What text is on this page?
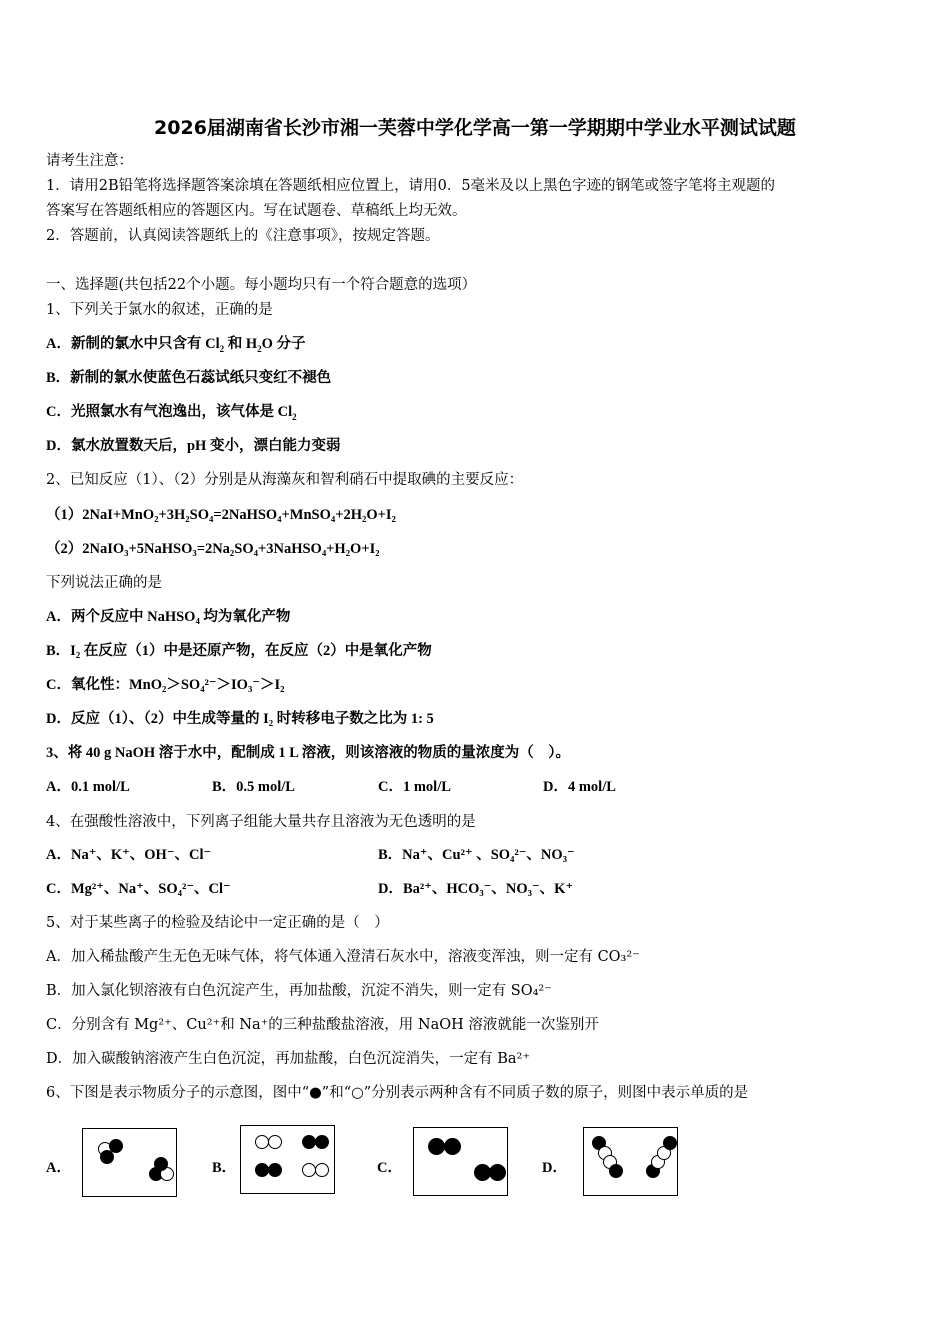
2026届湖南省长沙市湘一芙蓉中学化学高一第一学期期中学业水平测试试题
请考生注意：
1．请用2B铅笔将选择题答案涂填在答题纸相应位置上，请用0．5毫米及以上黑色字迹的钢笔或签字笔将主观题的
答案写在答题纸相应的答题区内。写在试题卷、草稿纸上均无效。
2．答题前，认真阅读答题纸上的《注意事项》，按规定答题。
一、选择题(共包括22个小题。每小题均只有一个符合题意的选项）
1、下列关于氯水的叙述，正确的是
A．新制的氯水中只含有 $Cl_2$ 和 $H_2O$ 分子
B．新制的氯水使蓝色石蕊试纸只变红不褪色
C．光照氯水有气泡逸出，该气体是 $Cl_2$
D．氯水放置数天后，pH 变小，漂白能力变弱
2、已知反应（1）、（2）分别是从海藻灰和智利硝石中提取碘的主要反应：
（1）2NaI+MnO₂+3H₂SO₄=2NaHSO₄+MnSO₄+2H₂O+I₂
（2）2NaIO₃+5NaHSO₃=2Na₂SO₄+3NaHSO₄+H₂O+I₂
下列说法正确的是
A．两个反应中 NaHSO₄ 均为氧化产物
B．I₂ 在反应（1）中是还原产物，在反应（2）中是氧化产物
C．氧化性：MnO₂＞SO₄²⁻＞IO₃⁻＞I₂
D．反应（1）、（2）中生成等量的 I₂ 时转移电子数之比为 1: 5
3、将 40 g NaOH 溶于水中，配制成 1 L 溶液，则该溶液的物质的量浓度为（　）。
A．0.1 mol/L	B．0.5 mol/L	C．1 mol/L	D．4 mol/L
4、在强酸性溶液中，下列离子组能大量共存且溶液为无色透明的是
A．Na⁺、K⁺、OH⁻、Cl⁻	B．Na⁺、Cu²⁺ 、SO₄²⁻、NO₃⁻
C．Mg²⁺、Na⁺、SO₄²⁻、Cl⁻	D．Ba²⁺、HCO₃⁻、NO₃⁻、K⁺
5、对于某些离子的检验及结论中一定正确的是（　）
A．加入稀盐酸产生无色无味气体，将气体通入澄清石灰水中，溶液变浑浊，则一定有 CO₃²⁻
B．加入氯化钡溶液有白色沉淀产生，再加盐酸，沉淀不消失，则一定有 SO₄²⁻
C．分别含有 Mg²⁺、Cu²⁺和 Na⁺的三种盐酸盐溶液，用 NaOH 溶液就能一次鉴别开
D．加入碳酸钠溶液产生白色沉淀，再加盐酸，白色沉淀消失，一定有 Ba²⁺
6、下图是表示物质分子的示意图，图中“●”和“○”分别表示两种含有不同质子数的原子，则图中表示单质的是
A．	B．	C．	D．
